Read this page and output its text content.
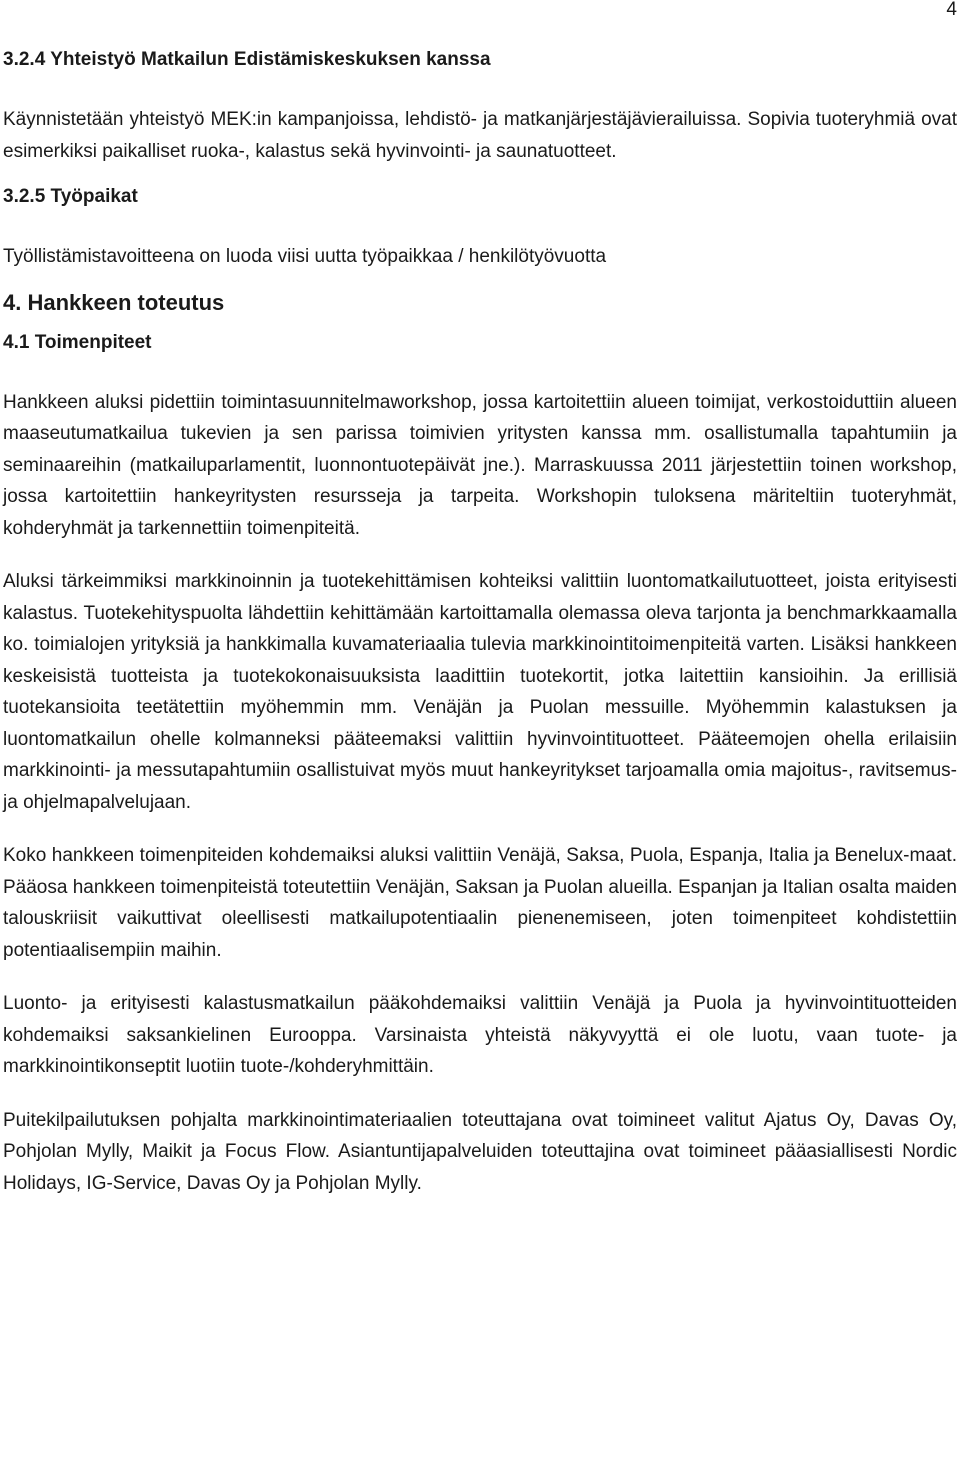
4

3.2.4 Yhteistyö Matkailun Edistämiskeskuksen kanssa

Käynnistetään yhteistyö MEK:in kampanjoissa, lehdistö- ja matkanjärjestäjävierailuissa. Sopivia tuoteryhmiä ovat esimerkiksi paikalliset ruoka-, kalastus sekä hyvinvointi- ja saunatuotteet.

3.2.5 Työpaikat

Työllistämistavoitteena on luoda viisi uutta työpaikkaa / henkilötyövuotta

4. Hankkeen toteutus

4.1 Toimenpiteet

Hankkeen aluksi pidettiin toimintasuunnitelmaworkshop, jossa kartoitettiin alueen toimijat, verkostoiduttiin alueen maaseutumatkailua tukevien ja sen parissa toimivien yritysten kanssa mm. osallistumalla tapahtumiin ja seminaareihin (matkailuparlamentit, luonnontuotepäivät jne.). Marraskuussa 2011 järjestettiin toinen workshop, jossa kartoitettiin hankeyritysten resursseja ja tarpeita. Workshopin tuloksena märiteltiin tuoteryhmät, kohderyhmät ja tarkennettiin toimenpiteitä.

Aluksi tärkeimmiksi markkinoinnin ja tuotekehittämisen kohteiksi valittiin luontomatkailutuotteet, joista erityisesti kalastus. Tuotekehityspuolta lähdettiin kehittämään kartoittamalla olemassa oleva tarjonta ja benchmarkkaamalla ko. toimialojen yrityksiä ja hankkimalla kuvamateriaalia tulevia markkinointitoimenpiteitä varten. Lisäksi hankkeen keskeisistä tuotteista ja tuotekokonaisuuksista laadittiin tuotekortit, jotka laitettiin kansioihin. Ja erillisiä tuotekansioita teetätettiin myöhemmin mm. Venäjän ja Puolan messuille. Myöhemmin kalastuksen ja luontomatkailun ohelle kolmanneksi pääteemaksi valittiin hyvinvointituotteet. Pääteemojen ohella erilaisiin markkinointi- ja messutapahtumiin osallistuivat myös muut hankeyritykset tarjoamalla omia majoitus-, ravitsemus- ja ohjelmapalvelujaan.

Koko hankkeen toimenpiteiden kohdemaiksi aluksi valittiin Venäjä, Saksa, Puola, Espanja, Italia ja Benelux-maat. Pääosa hankkeen toimenpiteistä toteutettiin Venäjän, Saksan ja Puolan alueilla. Espanjan ja Italian osalta maiden talouskriisit vaikuttivat oleellisesti matkailupotentiaalin pienenemiseen, joten toimenpiteet kohdistettiin potentiaalisempiin maihin.

Luonto- ja erityisesti kalastusmatkailun pääkohdemaiksi valittiin Venäjä ja Puola ja hyvinvointituotteiden kohdemaiksi saksankielinen Eurooppa. Varsinaista yhteistä näkyvyyttä ei ole luotu, vaan tuote- ja markkinointikonseptit luotiin tuote-/kohderyhmittäin.

Puitekilpailutuksen pohjalta markkinointimateriaalien toteuttajana ovat toimineet valitut Ajatus Oy, Davas Oy, Pohjolan Mylly, Maikit ja Focus Flow. Asiantuntijapalveluiden toteuttajina ovat toimineet pääasiallisesti Nordic Holidays, IG-Service, Davas Oy ja Pohjolan Mylly.
